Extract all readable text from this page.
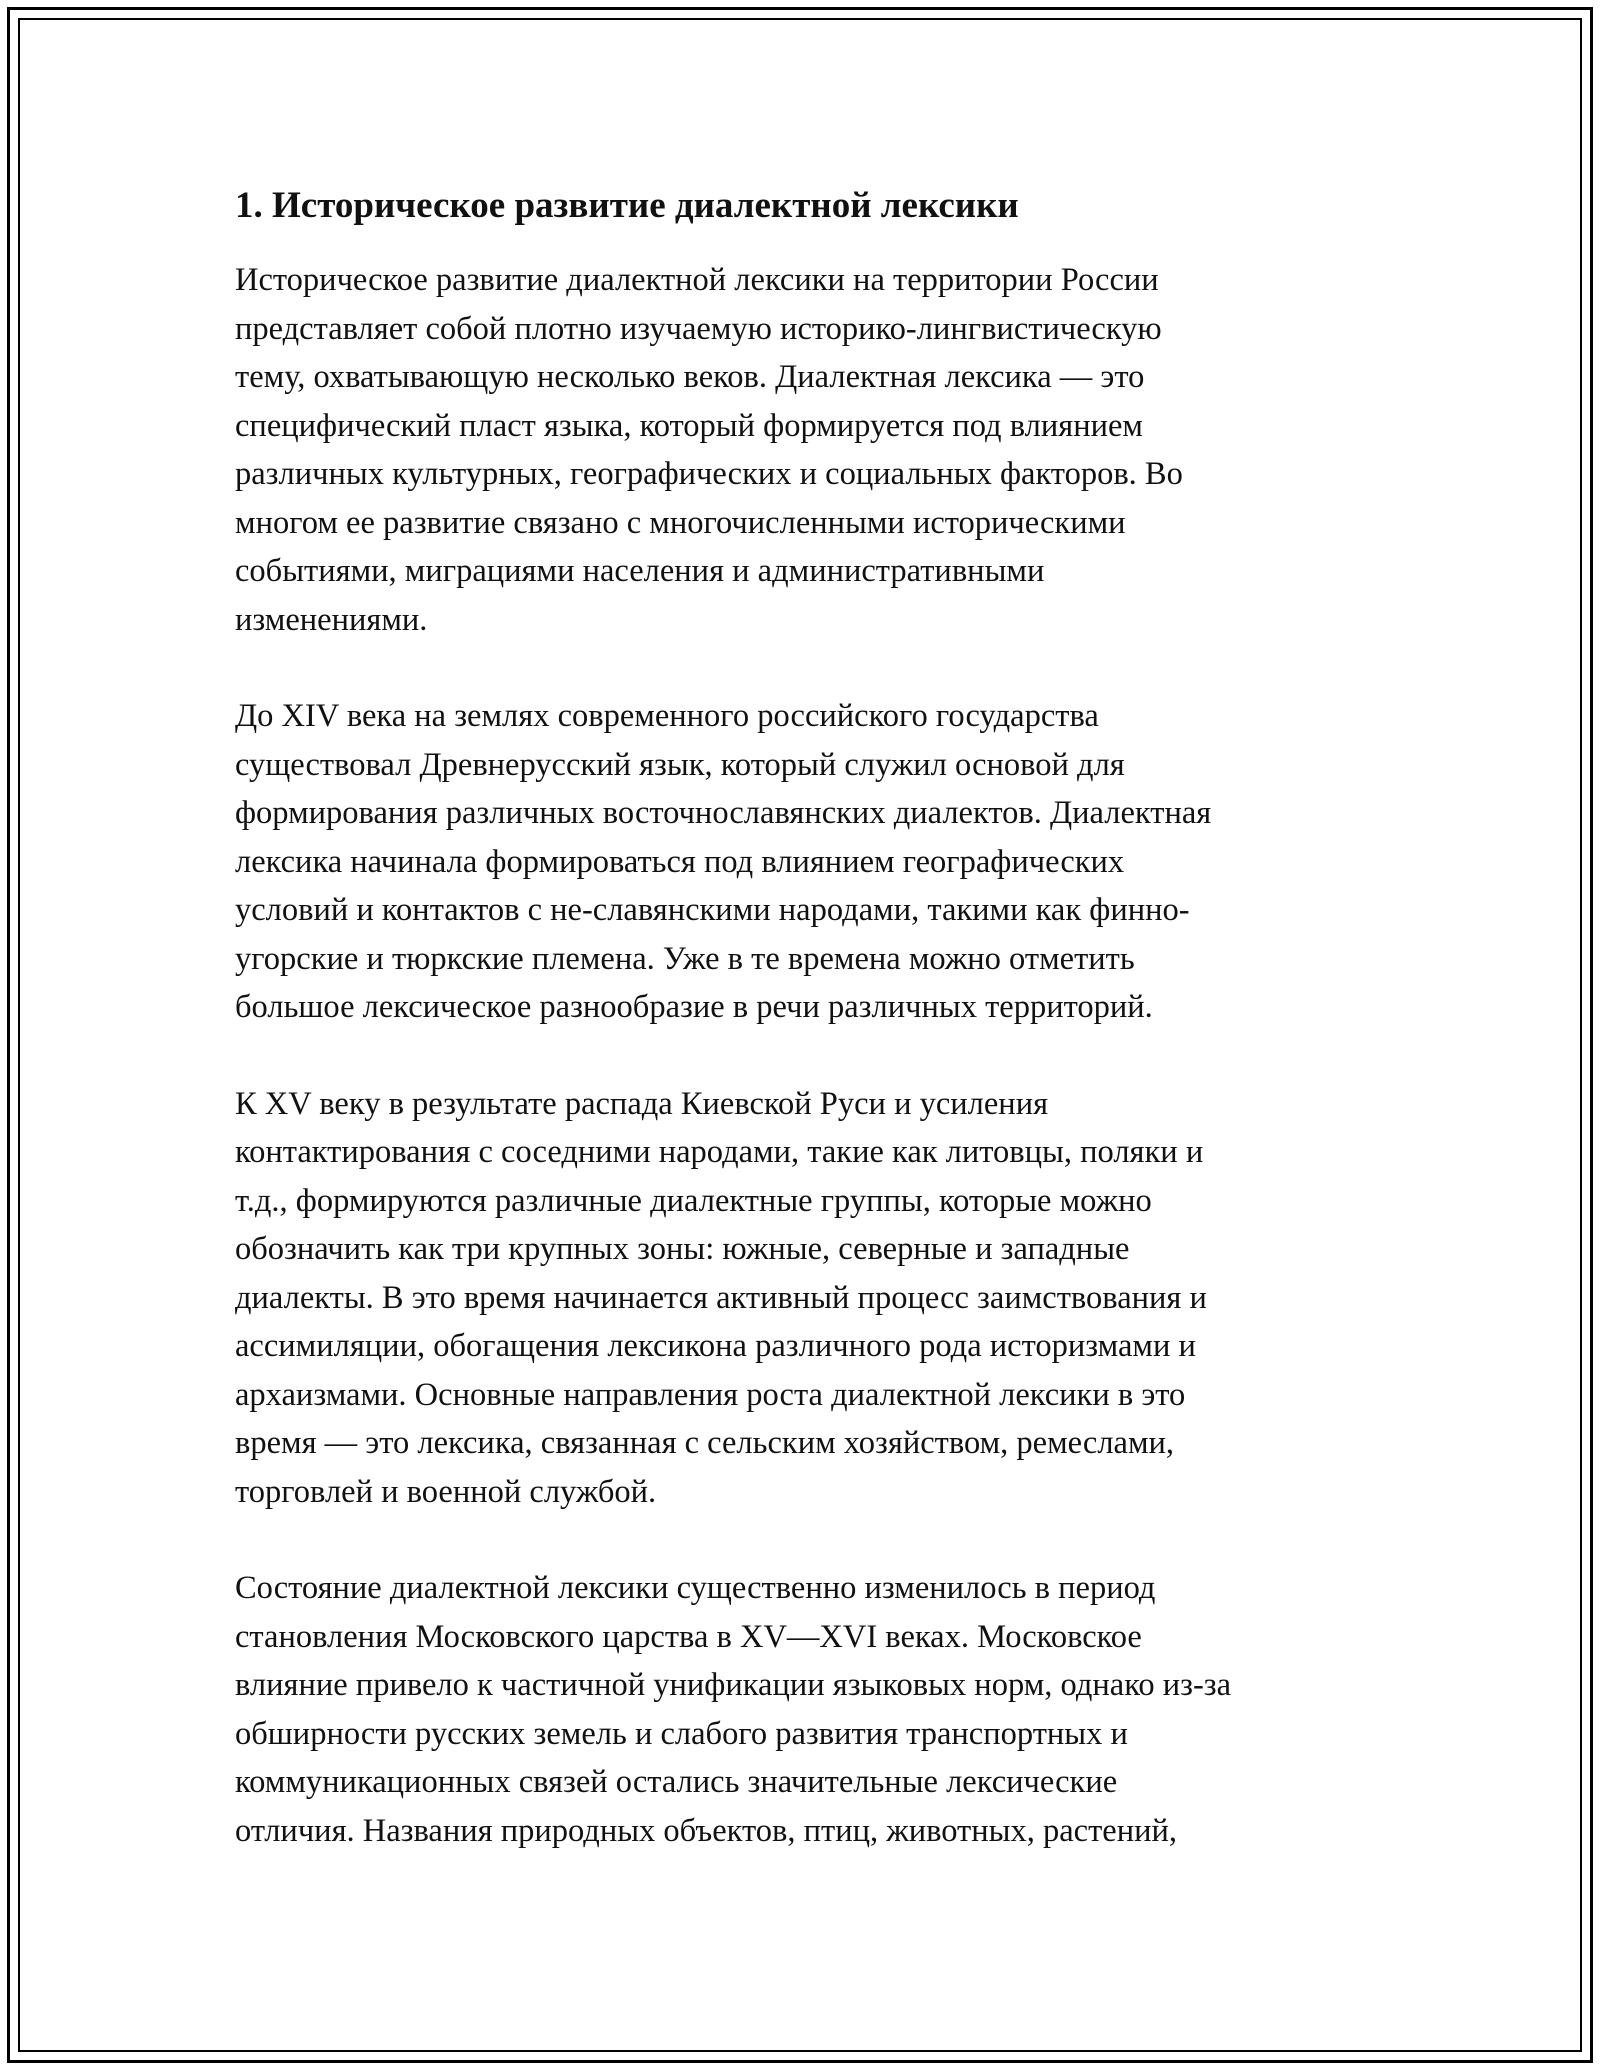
1. Историческое развитие диалектной лексики

Историческое развитие диалектной лексики на территории России
представляет собой плотно изучаемую историко-лингвистическую
тему, охватывающую несколько веков. Диалектная лексика — это
специфический пласт языка, который формируется под влиянием
различных культурных, географических и социальных факторов. Во
многом ее развитие связано с многочисленными историческими
событиями, миграциями населения и административными
изменениями.

До XIV века на землях современного российского государства
существовал Древнерусский язык, который служил основой для
формирования различных восточнославянских диалектов. Диалектная
лексика начинала формироваться под влиянием географических
условий и контактов с не-славянскими народами, такими как финно-
угорские и тюркские племена. Уже в те времена можно отметить
большое лексическое разнообразие в речи различных территорий.

К XV веку в результате распада Киевской Руси и усиления
контактирования с соседними народами, такие как литовцы, поляки и
т.д., формируются различные диалектные группы, которые можно
обозначить как три крупных зоны: южные, северные и западные
диалекты. В это время начинается активный процесс заимствования и
ассимиляции, обогащения лексикона различного рода историзмами и
архаизмами. Основные направления роста диалектной лексики в это
время — это лексика, связанная с сельским хозяйством, ремеслами,
торговлей и военной службой.

Состояние диалектной лексики существенно изменилось в период
становления Московского царства в XV—XVI веках. Московское
влияние привело к частичной унификации языковых норм, однако из-за
обширности русских земель и слабого развития транспортных и
коммуникационных связей остались значительные лексические
отличия. Названия природных объектов, птиц, животных, растений,
